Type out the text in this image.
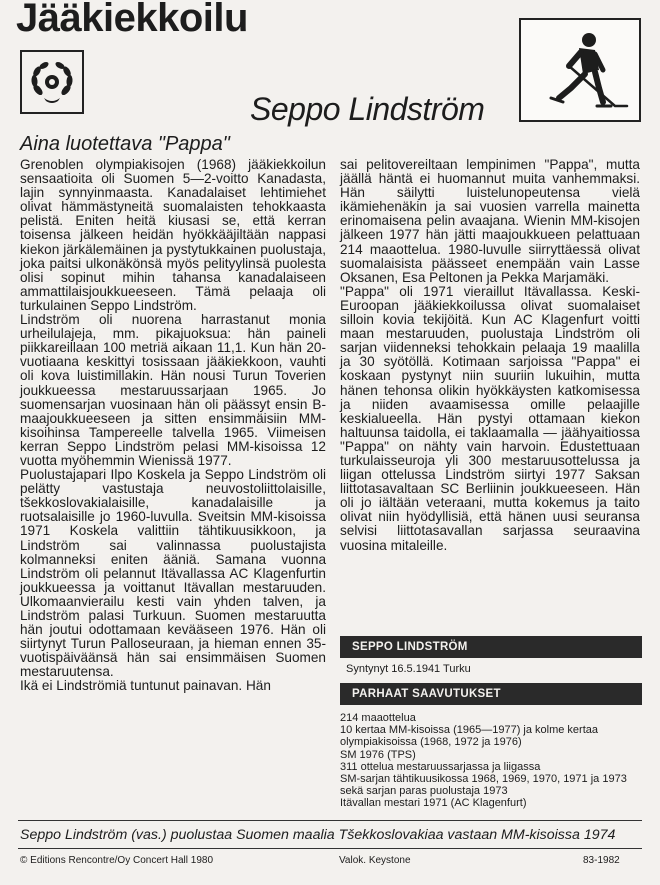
Jääkiekkoilu
Seppo Lindström
Aina luotettava "Pappa"

Grenoblen olympiakisojen (1968) jääkiekkoilun sensaatioita oli Suomen 5—2-voitto Kanadasta, lajin synnyinmaasta. Kanadalaiset lehtimiehet olivat hämmästyneitä suomalaisten tehokkaasta pelistä. Eniten heitä kiusasi se, että kerran toisensa jälkeen heidän hyökkääjiltään nappasi kiekon järkälemäinen ja pystytukkainen puolustaja, joka paitsi ulkonäkönsä myös pelityylinsä puolesta olisi sopinut mihin tahansa kanadalaiseen ammattilaisjoukkueeseen. Tämä pelaaja oli turkulainen Seppo Lindström.

Lindström oli nuorena harrastanut monia urheilulajeja, mm. pikajuoksua: hän paineli piikkareillaan 100 metriä aikaan 11,1. Kun hän 20-vuotiaana keskittyi tosissaan jääkiekkoon, vauhti oli kova luistimillakin. Hän nousi Turun Toverien joukkueessa mestaruussarjaan 1965. Jo suomensarjan vuosinaan hän oli päässyt ensin B-maajoukkueeseen ja sitten ensimmäisiin MM-kisoihinsa Tampereelle talvella 1965. Viimeisen kerran Seppo Lindström pelasi MM-kisoissa 12 vuotta myöhemmin Wienissä 1977.

Puolustajapari Ilpo Koskela ja Seppo Lindström oli pelätty vastustaja neuvostoliittolaisille, tšekkoslovakialaisille, kanadalaisille ja ruotsalaisille jo 1960-luvulla. Sveitsin MM-kisoissa 1971 Koskela valittiin tähtikuusikkoon, ja Lindström sai valinnassa puolustajista kolmanneksi eniten ääniä. Samana vuonna Lindström oli pelannut Itävallassa AC Klagenfurtin joukkueessa ja voittanut Itävallan mestaruuden. Ulkomaanvierailu kesti vain yhden talven, ja Lindström palasi Turkuun. Suomen mestaruutta hän joutui odottamaan kevääseen 1976. Hän oli siirtynyt Turun Palloseuraan, ja hieman ennen 35-vuotispäiväänsä hän sai ensimmäisen Suomen mestaruutensa.

Ikä ei Lindströmiä tuntunut painavan. Hän

sai pelitovereiltaan lempinimen "Pappa", mutta jäällä häntä ei huomannut muita vanhemmaksi. Hän säilytti luistelunopeutensa vielä ikämiehenäkin ja sai vuosien varrella mainetta erinomaisena pelin avaajana. Wienin MM-kisojen jälkeen 1977 hän jätti maajoukkueen pelattuaan 214 maaottelua. 1980-luvulle siirryttäessä olivat suomalaisista päässeet enempään vain Lasse Oksanen, Esa Peltonen ja Pekka Marjamäki.

"Pappa" oli 1971 vieraillut Itävallassa. Keski-Euroopan jääkiekkoilussa olivat suomalaiset silloin kovia tekijöitä. Kun AC Klagenfurt voitti maan mestaruuden, puolustaja Lindström oli sarjan viidenneksi tehokkain pelaaja 19 maalilla ja 30 syötöllä. Kotimaan sarjoissa "Pappa" ei koskaan pystynyt niin suuriin lukuihin, mutta hänen tehonsa olikin hyökkäysten katkomisessa ja niiden avaamisessa omille pelaajille keskialueella. Hän pystyi ottamaan kiekon haltuunsa taidolla, ei taklaamalla — jäähyaitiossa "Pappa" on nähty vain harvoin. Edustettuaan turkulaisseuroja yli 300 mestaruusottelussa ja liigan ottelussa Lindström siirtyi 1977 Saksan liittotasavaltaan SC Berliinin joukkueeseen. Hän oli jo iältään veteraani, mutta kokemus ja taito olivat niin hyödyllisiä, että hänen uusi seuransa selvisi liittotasavallan sarjassa seuraavina vuosina mitaleille.

SEPPO LINDSTRÖM
Syntynyt 16.5.1941 Turku
PARHAAT SAAVUTUKSET

214 maaottelua

10 kertaa MM-kisoissa (1965—1977) ja kolme kertaa olympiakisoissa (1968, 1972 ja 1976)

SM 1976 (TPS)

311 ottelua mestaruussarjassa ja liigassa

SM-sarjan tähtikuusikossa 1968, 1969, 1970, 1971 ja 1973 sekä sarjan paras puolustaja 1973

Itävallan mestari 1971 (AC Klagenfurt)

Seppo Lindström (vas.) puolustaa Suomen maalia Tšekkoslovakiaa vastaan MM-kisoissa 1974
© Editions Rencontre/Oy Concert Hall 1980	Valok. Keystone	83-1982
